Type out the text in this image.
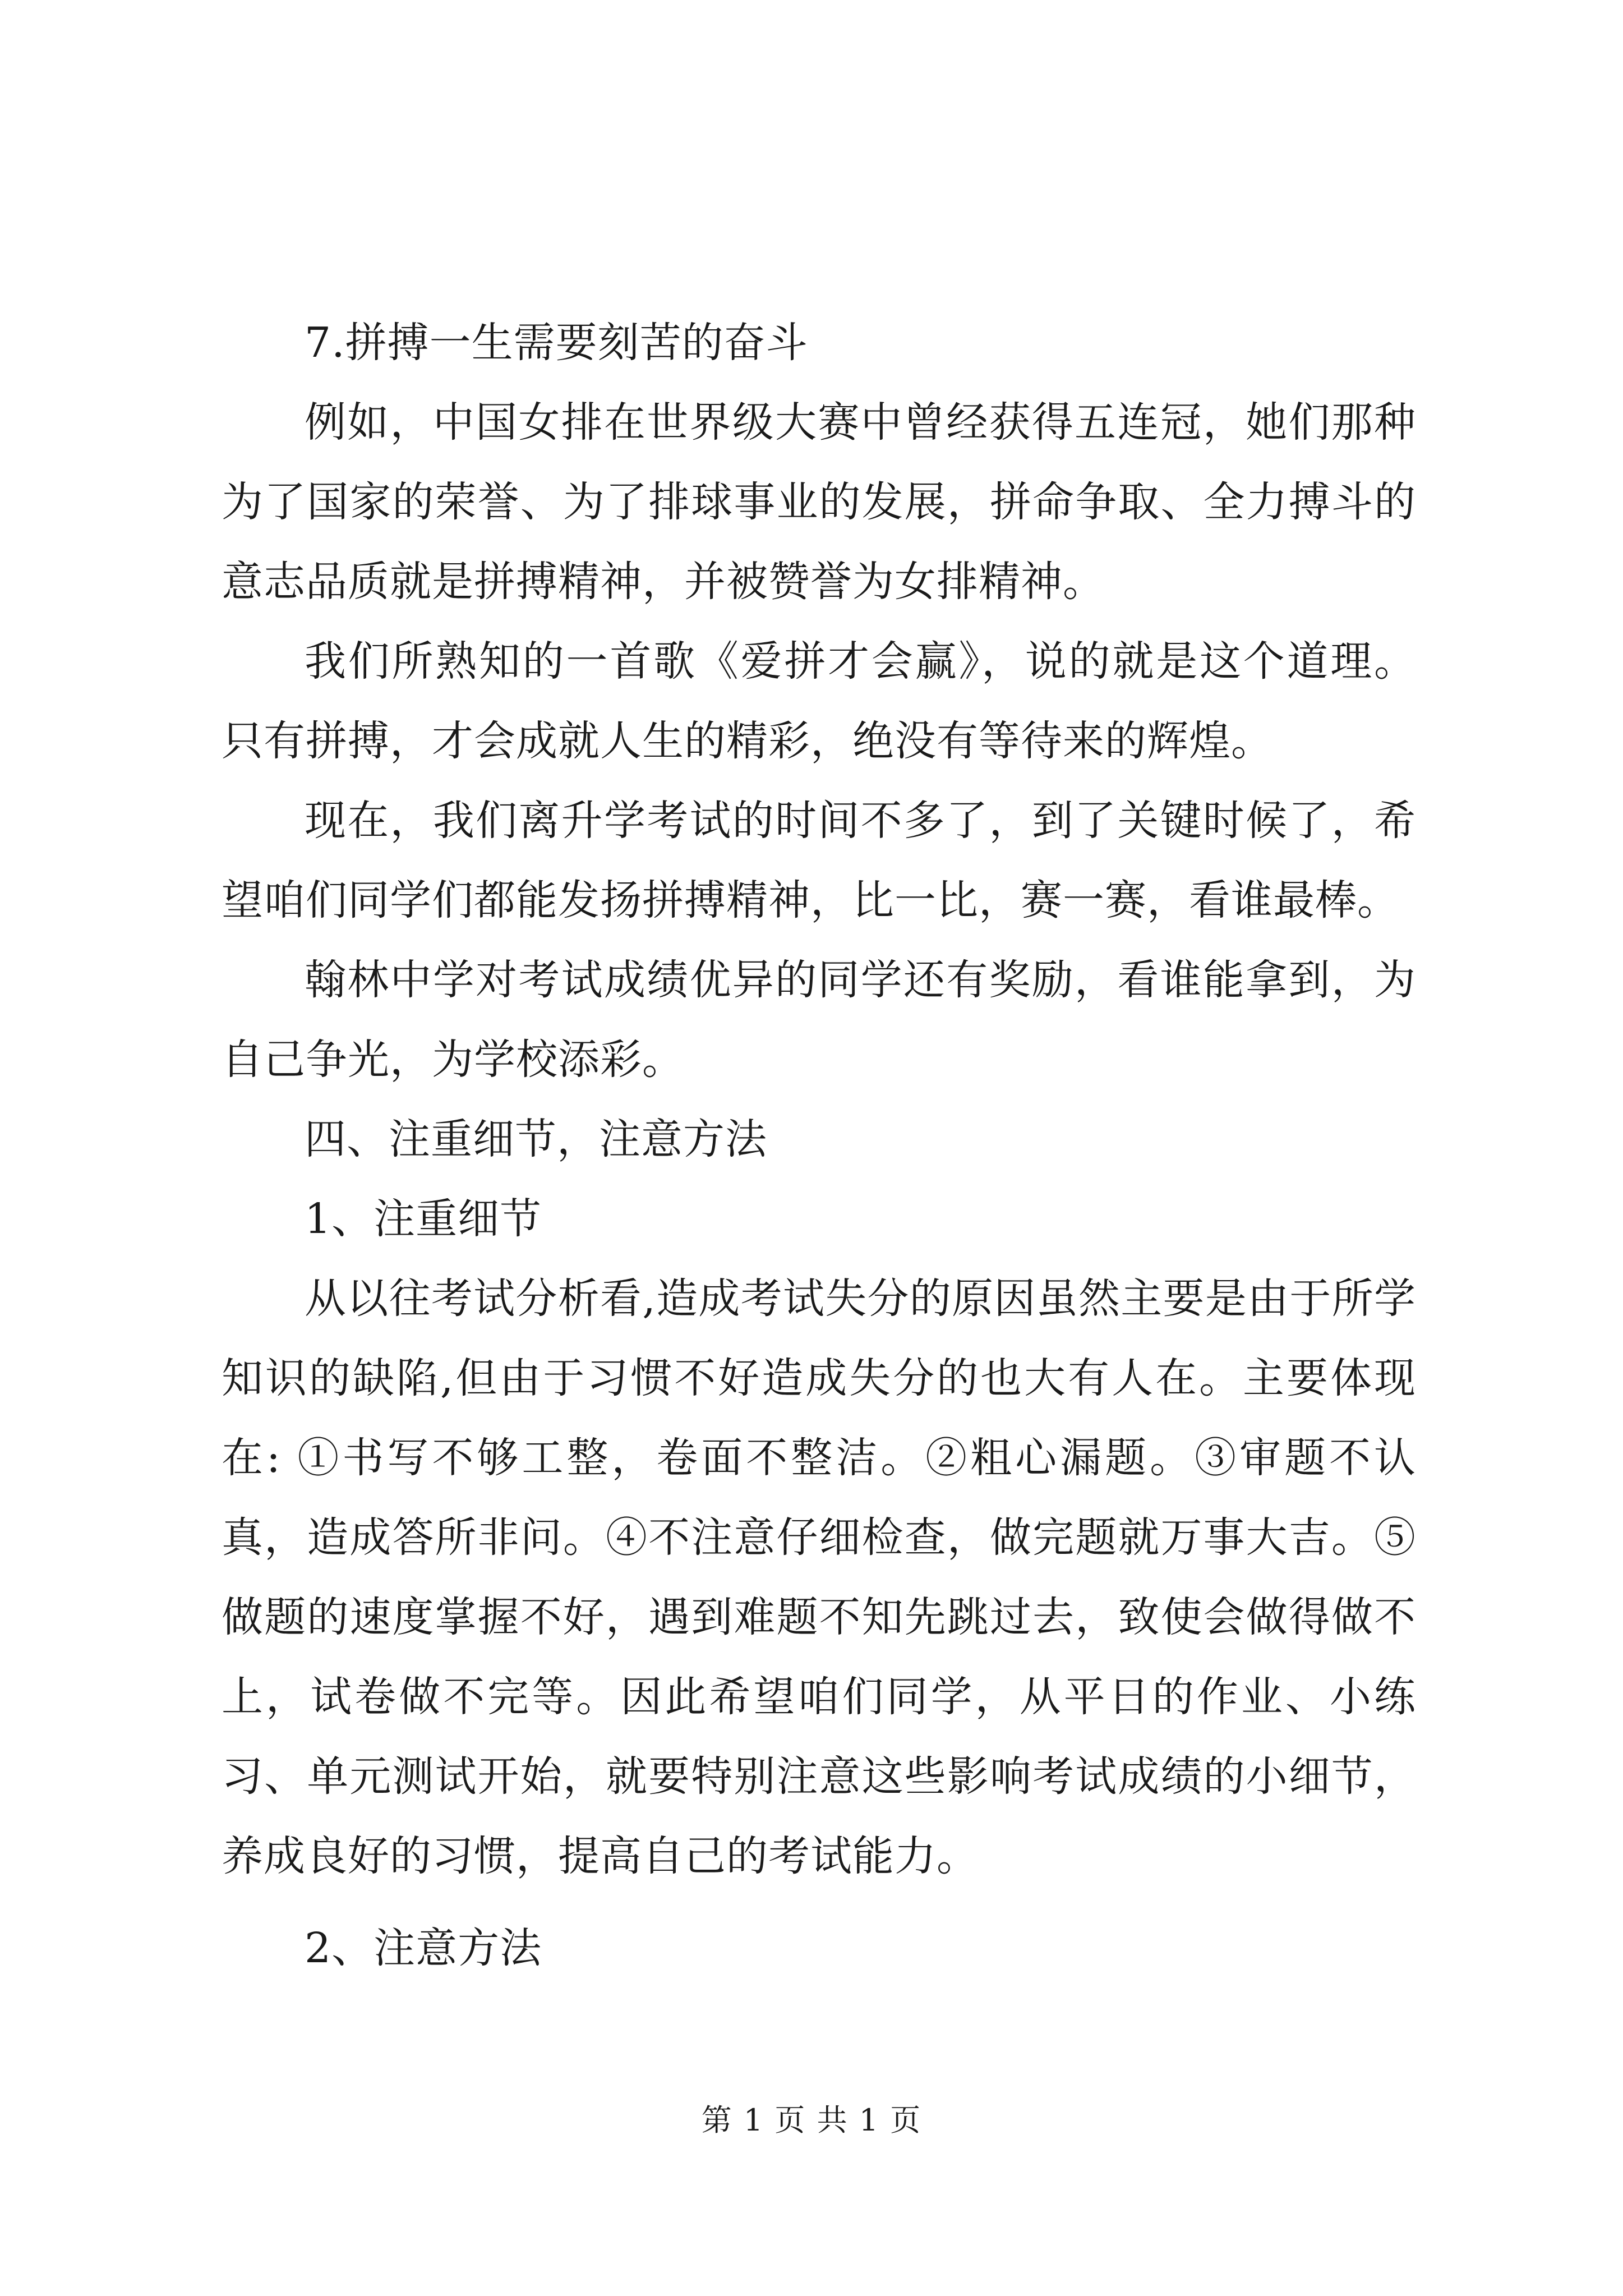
7.拼搏一生需要刻苦的奋斗

例如，中国女排在世界级大赛中曾经获得五连冠，她们那种为了国家的荣誉、为了排球事业的发展，拼命争取、全力搏斗的意志品质就是拼搏精神，并被赞誉为女排精神。

我们所熟知的一首歌《爱拼才会赢》，说的就是这个道理。只有拼搏，才会成就人生的精彩，绝没有等待来的辉煌。

现在，我们离升学考试的时间不多了，到了关键时候了，希望咱们同学们都能发扬拼搏精神，比一比，赛一赛，看谁最棒。

翰林中学对考试成绩优异的同学还有奖励，看谁能拿到，为自己争光，为学校添彩。

四、注重细节，注意方法

1、注重细节

从以往考试分析看,造成考试失分的原因虽然主要是由于所学知识的缺陷,但由于习惯不好造成失分的也大有人在。主要体现在: ①书写不够工整，卷面不整洁。②粗心漏题。③审题不认真，造成答所非问。④不注意仔细检查，做完题就万事大吉。⑤做题的速度掌握不好，遇到难题不知先跳过去，致使会做得做不上，试卷做不完等。因此希望咱们同学，从平日的作业、小练习、单元测试开始，就要特别注意这些影响考试成绩的小细节，养成良好的习惯，提高自己的考试能力。

2、注意方法

第 1 页 共 1 页
